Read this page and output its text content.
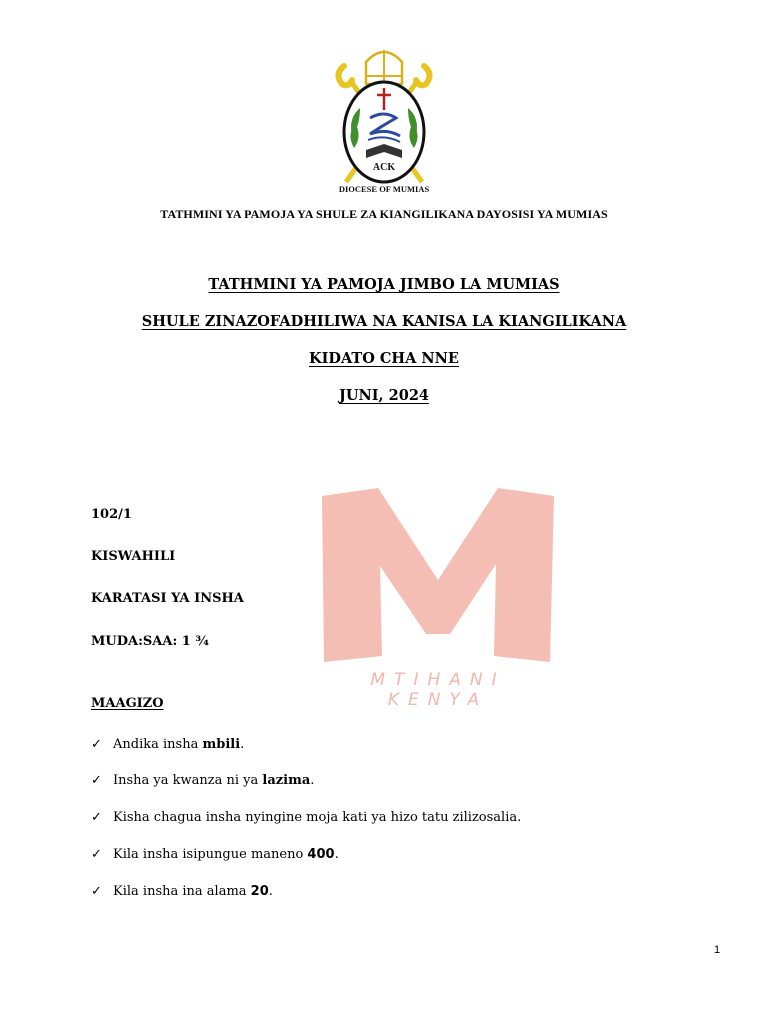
ACK
DIOCESE OF MUMIAS
TATHMINI YA PAMOJA YA SHULE ZA KIANGILIKANA DAYOSISI YA MUMIAS
TATHMINI YA PAMOJA JIMBO LA MUMIAS
SHULE ZINAZOFADHILIWA NA KANISA LA KIANGILIKANA
KIDATO CHA NNE
JUNI, 2024
MTIHANI KENYA
102/1
KISWAHILI
KARATASI YA INSHA
MUDA:SAA: 1 ¾
MAAGIZO
✓ Andika insha mbili.
✓ Insha ya kwanza ni ya lazima.
✓ Kisha chagua insha nyingine moja kati ya hizo tatu zilizosalia.
✓ Kila insha isipungue maneno 400.
✓ Kila insha ina alama 20.
1
